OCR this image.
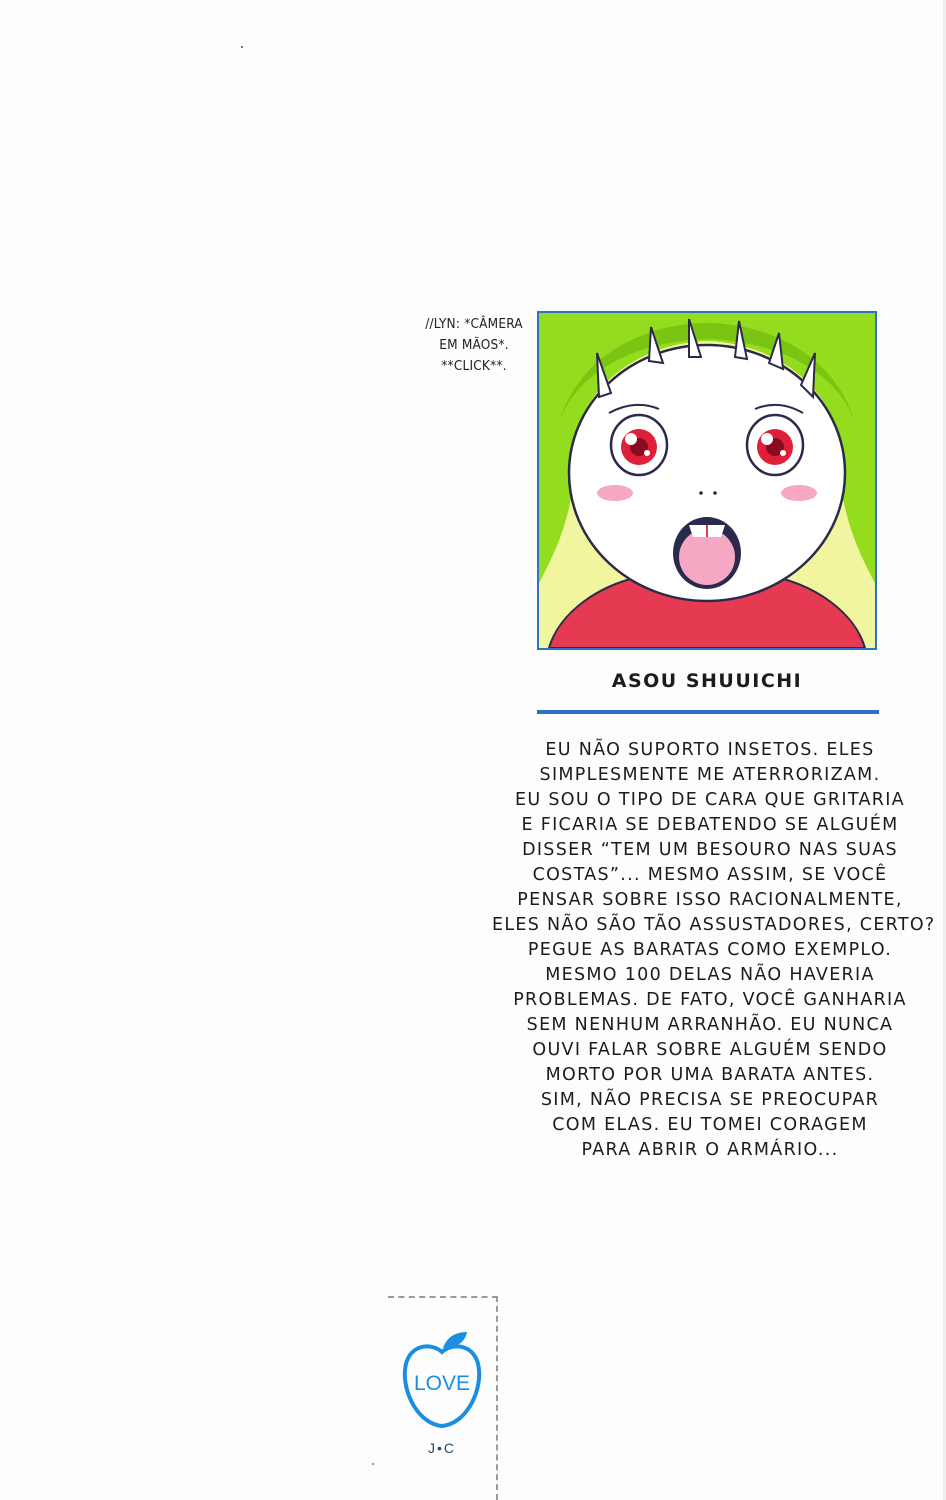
//LYN: *CÂMERA
EM MÃOS*.
**CLICK**.
ASOU SHUUICHI
EU NÃO SUPORTO INSETOS. ELES
SIMPLESMENTE ME ATERRORIZAM.
EU SOU O TIPO DE CARA QUE GRITARIA
E FICARIA SE DEBATENDO SE ALGUÉM
DISSER “TEM UM BESOURO NAS SUAS
COSTAS”... MESMO ASSIM, SE VOCÊ
PENSAR SOBRE ISSO RACIONALMENTE,
ELES NÃO SÃO TÃO ASSUSTADORES, CERTO?
PEGUE AS BARATAS COMO EXEMPLO.
MESMO 100 DELAS NÃO HAVERIA
PROBLEMAS. DE FATO, VOCÊ GANHARIA
SEM NENHUM ARRANHÃO. EU NUNCA
OUVI FALAR SOBRE ALGUÉM SENDO
MORTO POR UMA BARATA ANTES.
SIM, NÃO PRECISA SE PREOCUPAR
COM ELAS. EU TOMEI CORAGEM
PARA ABRIR O ARMÁRIO...
LOVE
J•C
